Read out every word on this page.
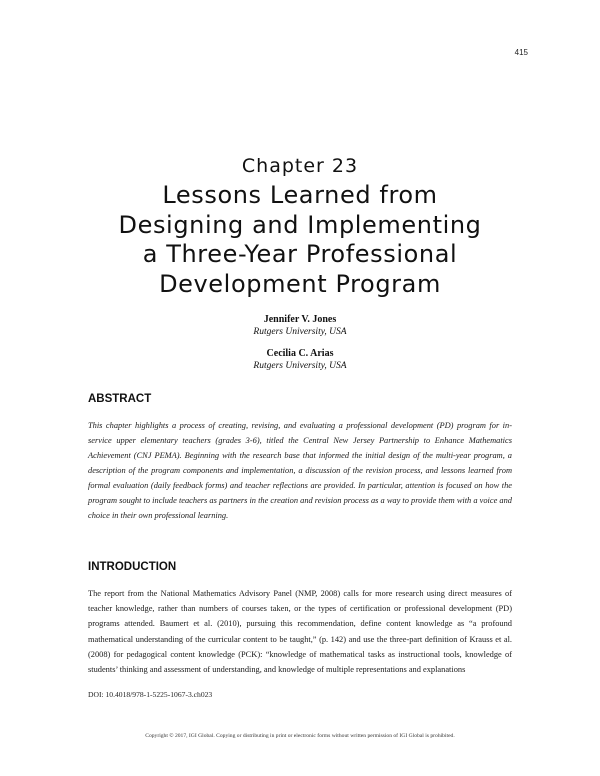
415
Chapter 23
Lessons Learned from
Designing and Implementing
a Three-Year Professional
Development Program
Jennifer V. Jones
Rutgers University, USA
Cecilia C. Arias
Rutgers University, USA
ABSTRACT

This chapter highlights a process of creating, revising, and evaluating a professional development (PD) program for in-service upper elementary teachers (grades 3-6), titled the Central New Jersey Partnership to Enhance Mathematics Achievement (CNJ PEMA). Beginning with the research base that informed the initial design of the multi-year program, a description of the program components and implementation, a discussion of the revision process, and lessons learned from formal evaluation (daily feedback forms) and teacher reflections are provided. In particular, attention is focused on how the program sought to include teachers as partners in the creation and revision process as a way to provide them with a voice and choice in their own professional learning.

INTRODUCTION

The report from the National Mathematics Advisory Panel (NMP, 2008) calls for more research using direct measures of teacher knowledge, rather than numbers of courses taken, or the types of certification or professional development (PD) programs attended. Baumert et al. (2010), pursuing this recommendation, define content knowledge as “a profound mathematical understanding of the curricular content to be taught,” (p. 142) and use the three-part definition of Krauss et al. (2008) for pedagogical content knowledge (PCK): “knowledge of mathematical tasks as instructional tools, knowledge of students’ thinking and assessment of understanding, and knowledge of multiple representations and explanations

DOI: 10.4018/978-1-5225-1067-3.ch023
Copyright © 2017, IGI Global. Copying or distributing in print or electronic forms without written permission of IGI Global is prohibited.
